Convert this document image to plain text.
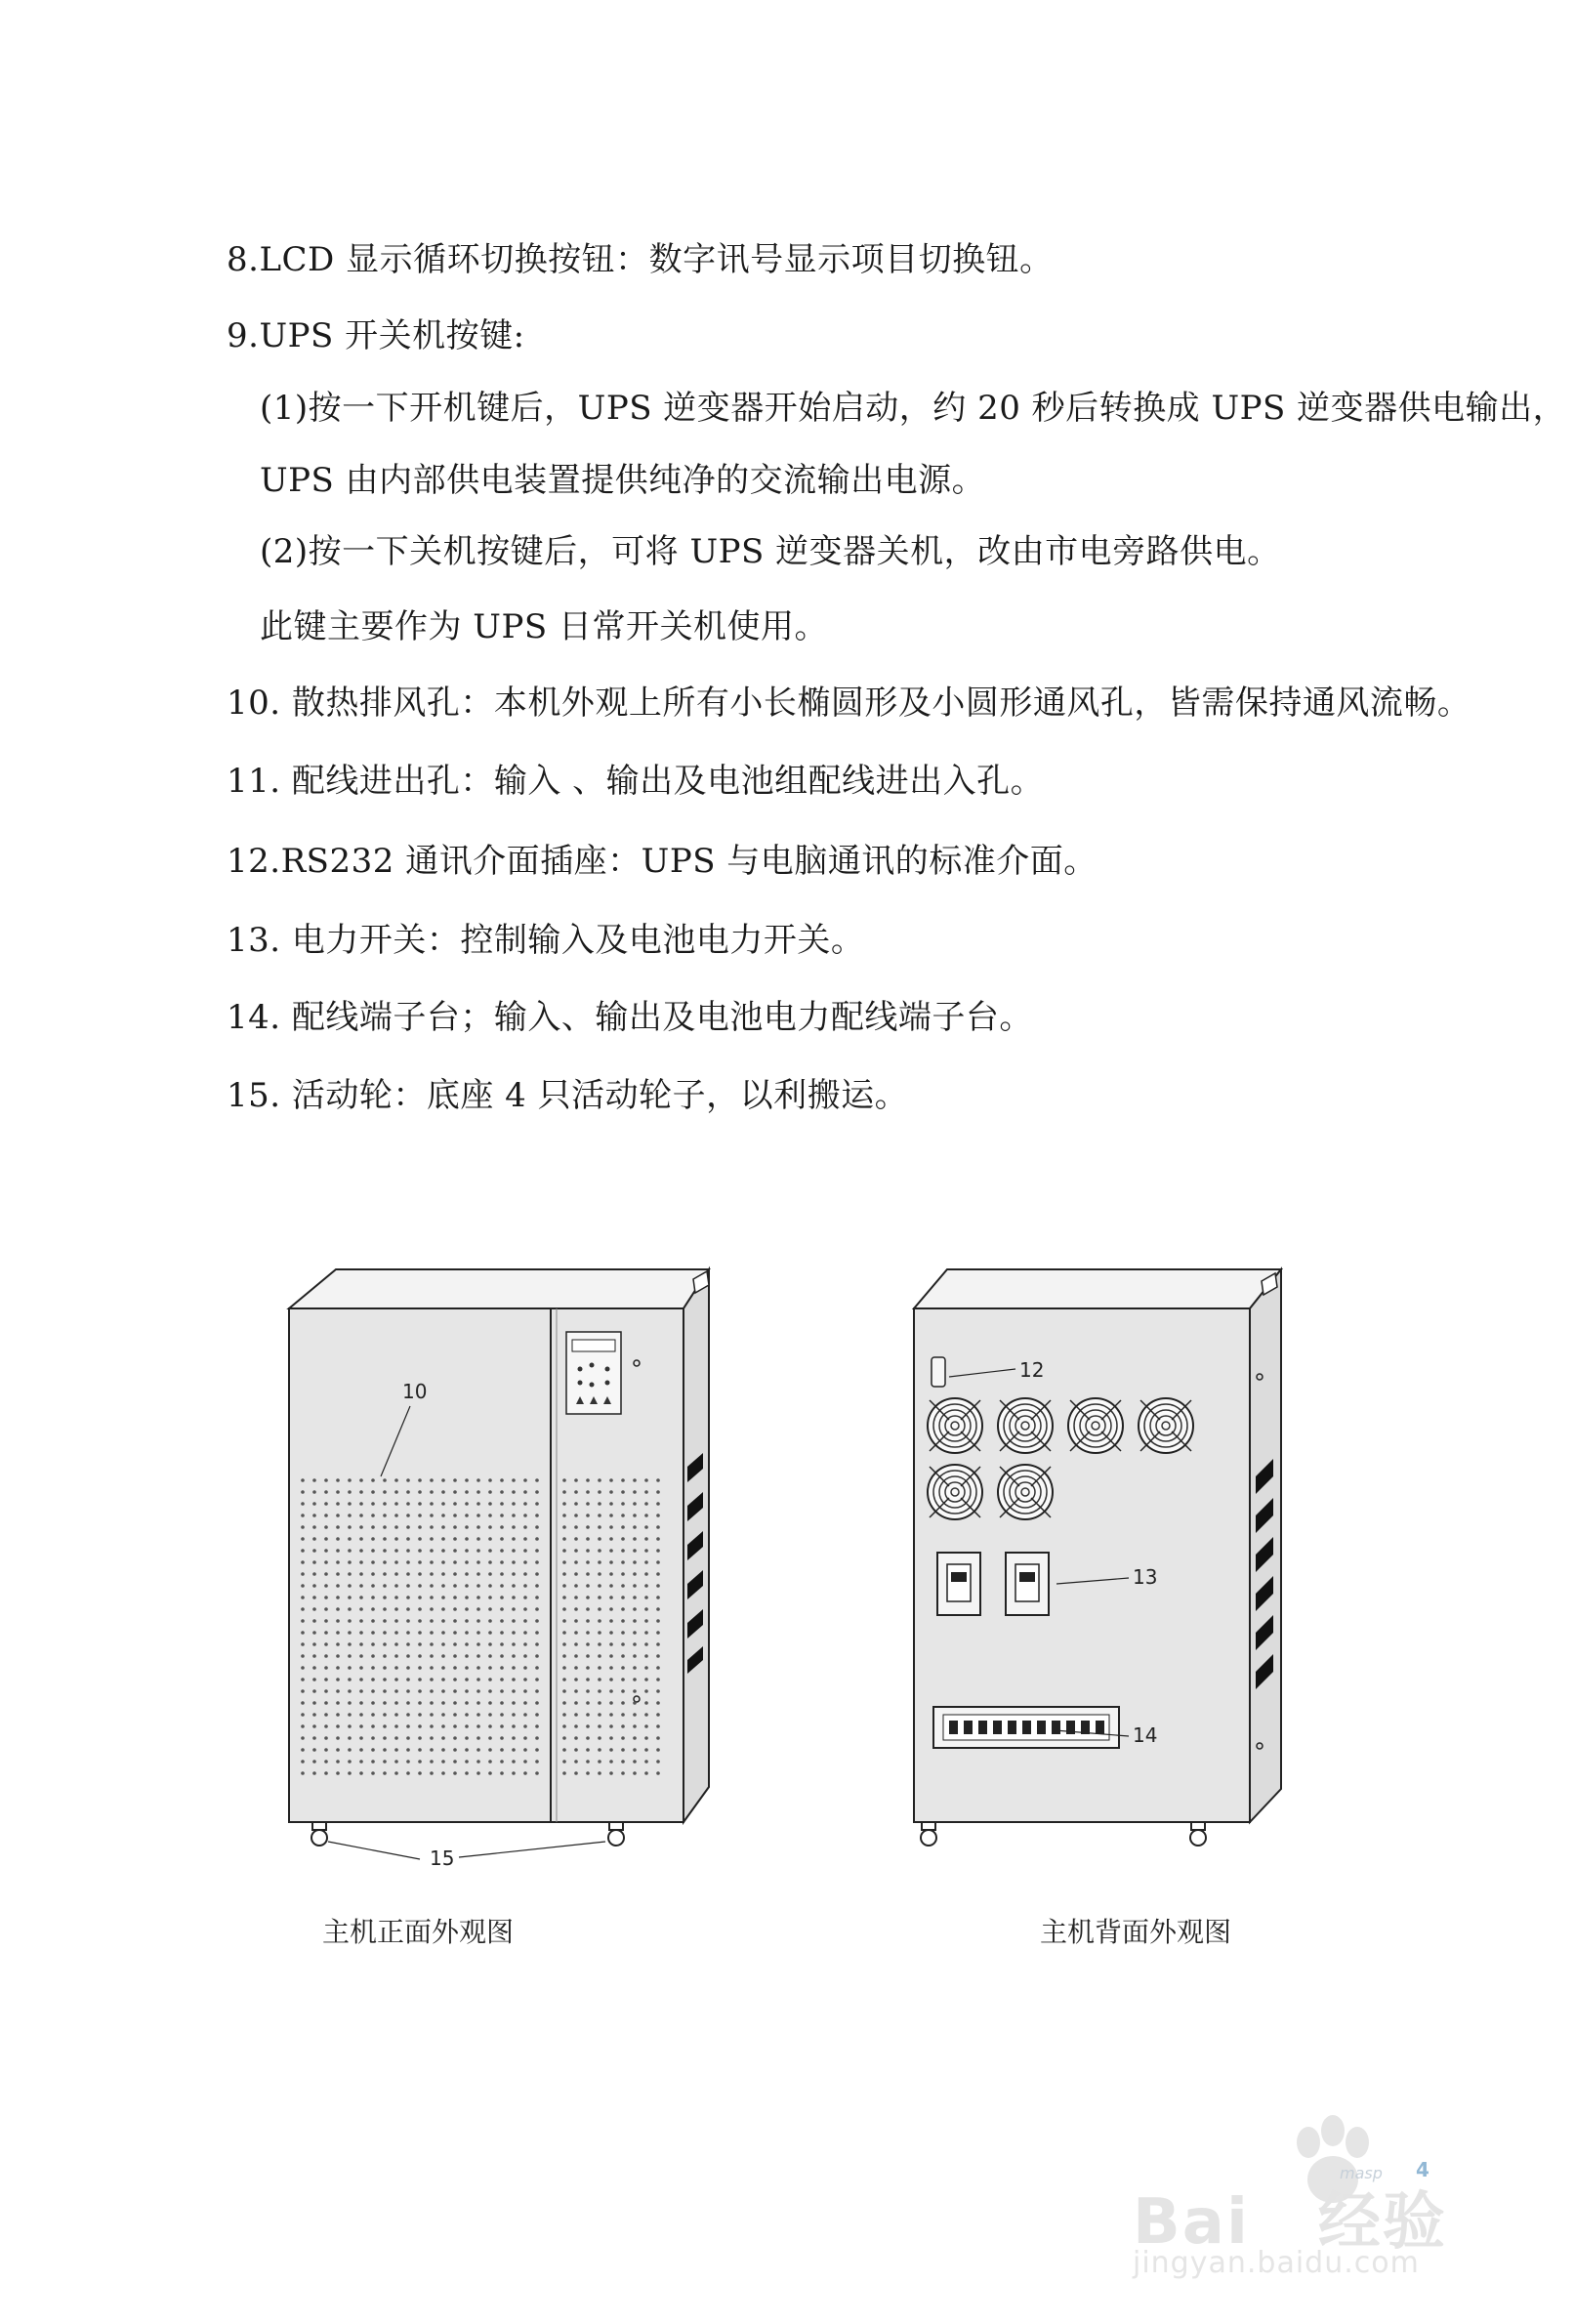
8.LCD 显示循环切换按钮：数字讯号显示项目切换钮。
9.UPS 开关机按键:
(1)按一下开机键后，UPS 逆变器开始启动，约 20 秒后转换成 UPS 逆变器供电输出，
UPS 由内部供电装置提供纯净的交流输出电源。
(2)按一下关机按键后，可将 UPS 逆变器关机，改由市电旁路供电。
此键主要作为 UPS 日常开关机使用。
10. 散热排风孔：本机外观上所有小长椭圆形及小圆形通风孔，皆需保持通风流畅。
11. 配线进出孔：输入 、输出及电池组配线进出入孔。
12.RS232 通讯介面插座：UPS 与电脑通讯的标准介面。
13. 电力开关：控制输入及电池电力开关。
14. 配线端子台；输入、输出及电池电力配线端子台。
15. 活动轮：底座 4 只活动轮子，以利搬运。
10
15
12
13
14
主机正面外观图	主机背面外观图
Bai 经验
masp 4
jingyan.baidu.com
